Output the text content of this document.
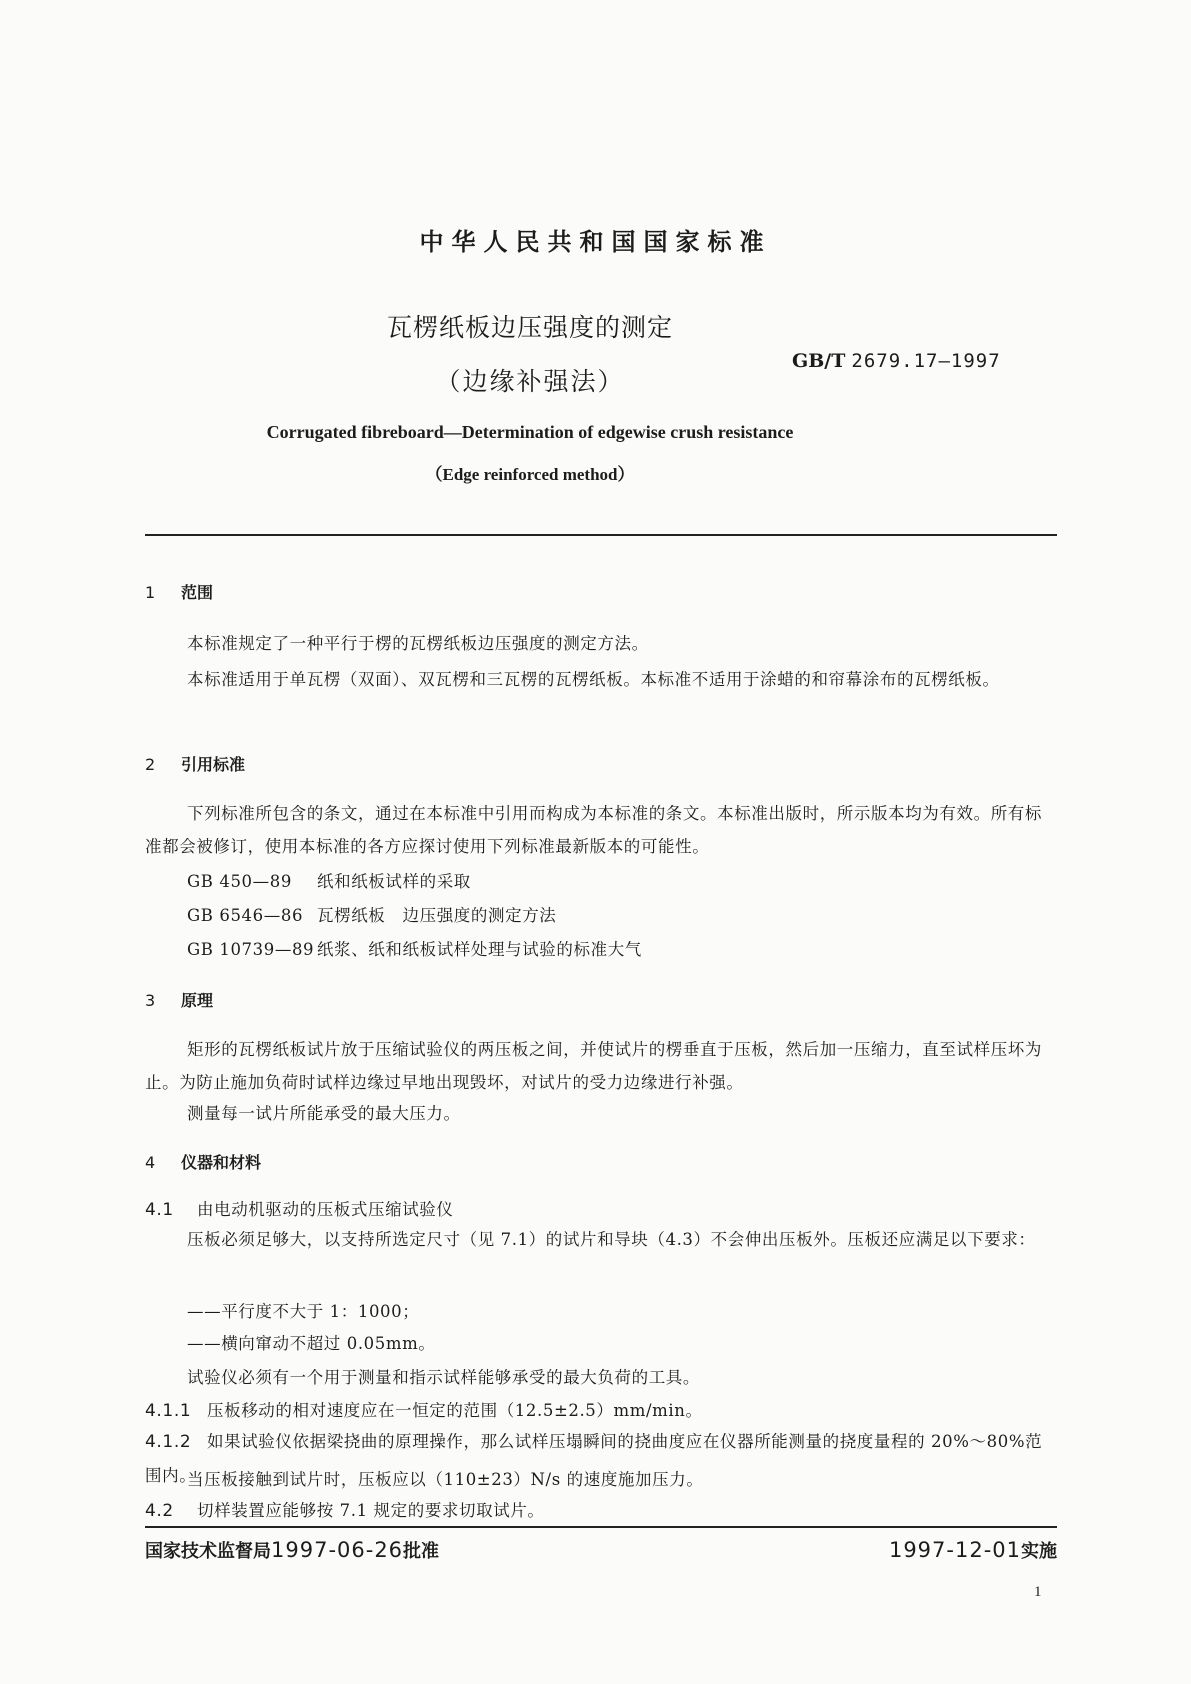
中华人民共和国国家标准
瓦楞纸板边压强度的测定
（边缘补强法）
GB/T 2679.17—1997
Corrugated fibreboard—Determination of edgewise crush resistance
（Edge reinforced method）
1 范围

本标准规定了一种平行于楞的瓦楞纸板边压强度的测定方法。

本标准适用于单瓦楞（双面）、双瓦楞和三瓦楞的瓦楞纸板。本标准不适用于涂蜡的和帘幕涂布的瓦楞纸板。

2 引用标准

下列标准所包含的条文，通过在本标准中引用而构成为本标准的条文。本标准出版时，所示版本均为有效。所有标准都会被修订，使用本标准的各方应探讨使用下列标准最新版本的可能性。

GB 450—89 纸和纸板试样的采取
GB 6546—86 瓦楞纸板　边压强度的测定方法
GB 10739—89 纸浆、纸和纸板试样处理与试验的标准大气
3 原理

矩形的瓦楞纸板试片放于压缩试验仪的两压板之间，并使试片的楞垂直于压板，然后加一压缩力，直至试样压坏为止。为防止施加负荷时试样边缘过早地出现毁坏，对试片的受力边缘进行补强。

测量每一试片所能承受的最大压力。

4 仪器和材料
4.1 由电动机驱动的压板式压缩试验仪

压板必须足够大，以支持所选定尺寸（见 7.1）的试片和导块（4.3）不会伸出压板外。压板还应满足以下要求：

——平行度不大于 1：1000；
——横向窜动不超过 0.05mm。
试验仪必须有一个用于测量和指示试样能够承受的最大负荷的工具。
4.1.1 压板移动的相对速度应在一恒定的范围（12.5±2.5）mm/min。

4.1.2 如果试验仪依据梁挠曲的原理操作，那么试样压塌瞬间的挠曲度应在仪器所能测量的挠度量程的 20%～80%范围内。

当压板接触到试片时，压板应以（110±23）N/s 的速度施加压力。
国家技术监督局1997-06-26批准	1997-12-01实施
1
4.2 切样装置应能够按 7.1 规定的要求切取试片。
